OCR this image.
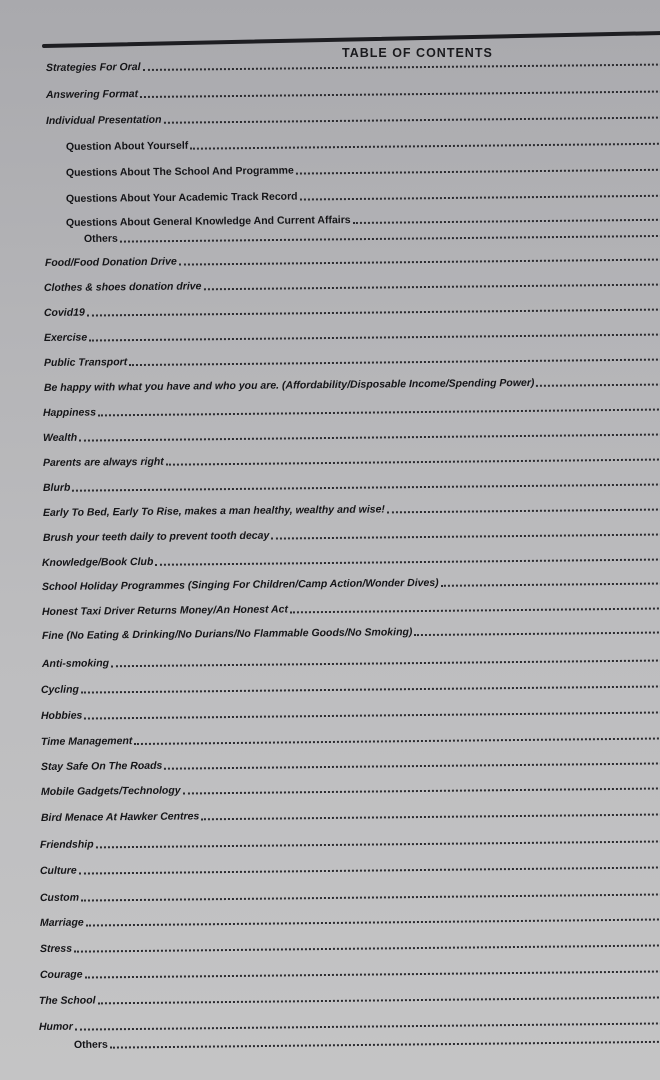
TABLE OF CONTENTS
Strategies For Oral
Answering Format
Individual Presentation
Question About Yourself
Questions About The School And Programme
Questions About Your Academic Track Record
Questions About General Knowledge And Current Affairs
Others
Food/Food Donation Drive
Clothes & shoes donation drive
Covid19
Exercise
Public Transport
Be happy with what you have and who you are. (Affordability/Disposable Income/Spending Power)
Happiness
Wealth
Parents are always right
Blurb
Early To Bed, Early To Rise, makes a man healthy, wealthy and wise!
Brush your teeth daily to prevent tooth decay
Knowledge/Book Club
School Holiday Programmes (Singing For Children/Camp Action/Wonder Dives)
Honest Taxi Driver Returns Money/An Honest Act
Fine (No Eating & Drinking/No Durians/No Flammable Goods/No Smoking)
Anti-smoking
Cycling
Hobbies
Time Management
Stay Safe On The Roads
Mobile Gadgets/Technology
Bird Menace At Hawker Centres
Friendship
Culture
Custom
Marriage
Stress
Courage
The School
Humor
Others
